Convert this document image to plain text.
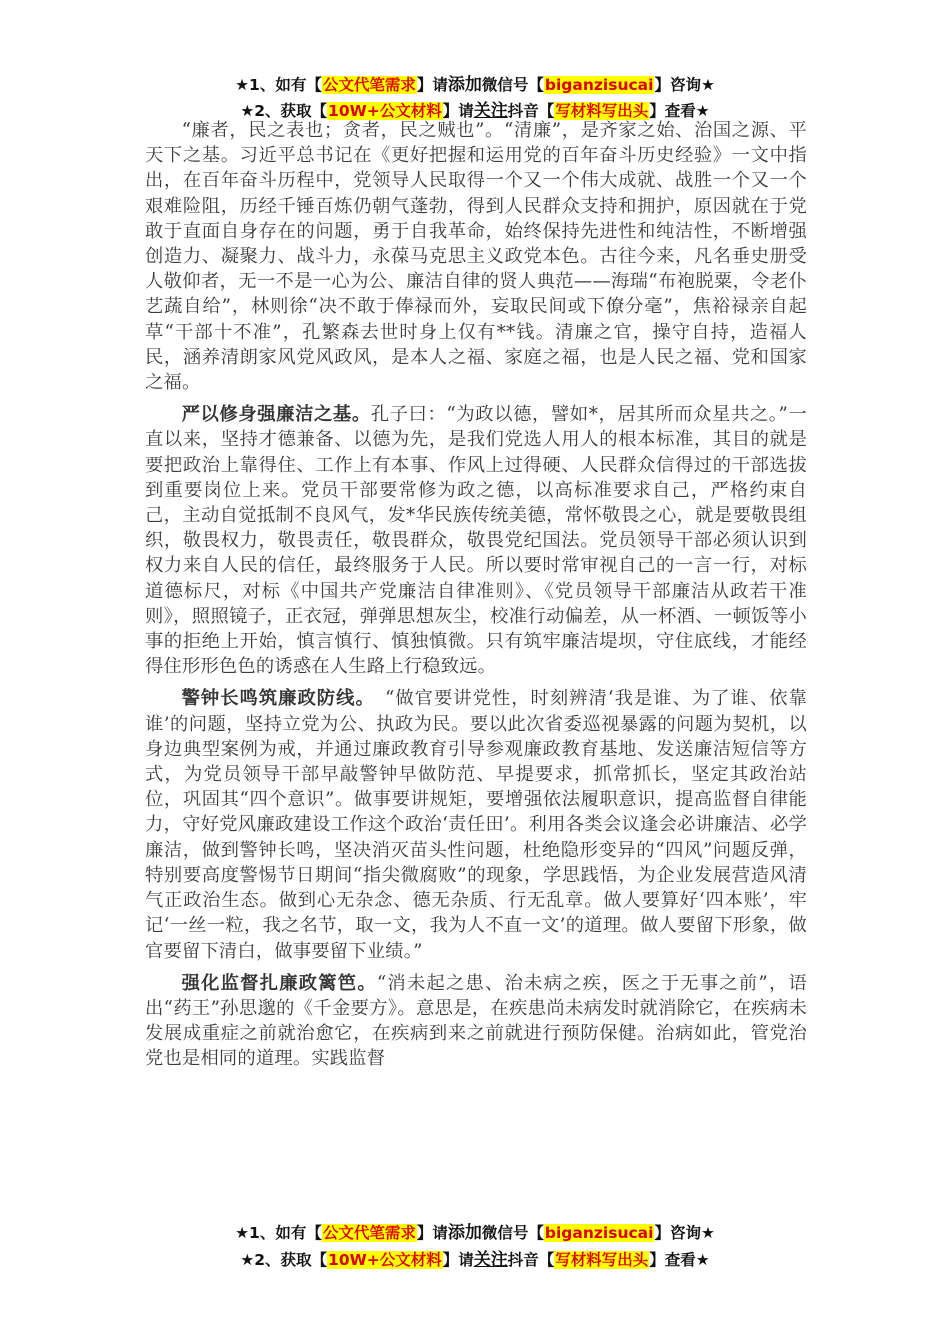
★1、如有【公文代笔需求】请添加微信号【biganzisucai】咨询★
★2、获取【10W+公文材料】请关注抖音【写材料写出头】查看★

“廉者，民之表也；贪者，民之贼也”。“清廉”，是齐家之始、治国之源、平天下之基。习近平总书记在《更好把握和运用党的百年奋斗历史经验》一文中指出，在百年奋斗历程中，党领导人民取得一个又一个伟大成就、战胜一个又一个艰难险阻，历经千锤百炼仍朝气蓬勃，得到人民群众支持和拥护，原因就在于党敢于直面自身存在的问题，勇于自我革命，始终保持先进性和纯洁性，不断增强创造力、凝聚力、战斗力，永葆马克思主义政党本色。古往今来，凡名垂史册受人敬仰者，无一不是一心为公、廉洁自律的贤人典范——海瑞“布袍脱粟，令老仆艺蔬自给”，林则徐“决不敢于俸禄而外，妄取民间或下僚分毫”，焦裕禄亲自起草“干部十不准”，孔繁森去世时身上仅有**钱。清廉之官，操守自持，造福人民，涵养清朗家风党风政风，是本人之福、家庭之福，也是人民之福、党和国家之福。

严以修身强廉洁之基。孔子曰：“为政以德，譬如*，居其所而众星共之。”一直以来，坚持才德兼备、以德为先，是我们党选人用人的根本标准，其目的就是要把政治上靠得住、工作上有本事、作风上过得硬、人民群众信得过的干部选拔到重要岗位上来。党员干部要常修为政之德，以高标准要求自己，严格约束自己，主动自觉抵制不良风气，发*华民族传统美德，常怀敬畏之心，就是要敬畏组织，敬畏权力，敬畏责任，敬畏群众，敬畏党纪国法。党员领导干部必须认识到权力来自人民的信任，最终服务于人民。所以要时常审视自己的一言一行，对标道德标尺，对标《中国共产党廉洁自律准则》、《党员领导干部廉洁从政若干准则》，照照镜子，正衣冠，弹弹思想灰尘，校准行动偏差，从一杯酒、一顿饭等小事的拒绝上开始，慎言慎行、慎独慎微。只有筑牢廉洁堤坝，守住底线，才能经得住形形色色的诱惑在人生路上行稳致远。

警钟长鸣筑廉政防线。　“做官要讲党性，时刻辨清‘我是谁、为了谁、依靠谁’的问题，坚持立党为公、执政为民。要以此次省委巡视暴露的问题为契机，以身边典型案例为戒，并通过廉政教育引导参观廉政教育基地、发送廉洁短信等方式，为党员领导干部早敲警钟早做防范、早提要求，抓常抓长，坚定其政治站位，巩固其“四个意识”。做事要讲规矩，要增强依法履职意识，提高监督自律能力，守好党风廉政建设工作这个政治‘责任田’。利用各类会议逢会必讲廉洁、必学廉洁，做到警钟长鸣，坚决消灭苗头性问题，杜绝隐形变异的“四风”问题反弹，特别要高度警惕节日期间“指尖微腐败”的现象，学思践悟，为企业发展营造风清气正政治生态。做到心无杂念、德无杂质、行无乱章。做人要算好‘四本账’，牢记‘一丝一粒，我之名节，取一文，我为人不直一文’的道理。做人要留下形象，做官要留下清白，做事要留下业绩。”

强化监督扎廉政篱笆。“消未起之患、治未病之疾，医之于无事之前”，语出“药王”孙思邈的《千金要方》。意思是，在疾患尚未病发时就消除它，在疾病未发展成重症之前就治愈它，在疾病到来之前就进行预防保健。治病如此，管党治党也是相同的道理。实践监督

★1、如有【公文代笔需求】请添加微信号【biganzisucai】咨询★
★2、获取【10W+公文材料】请关注抖音【写材料写出头】查看★
